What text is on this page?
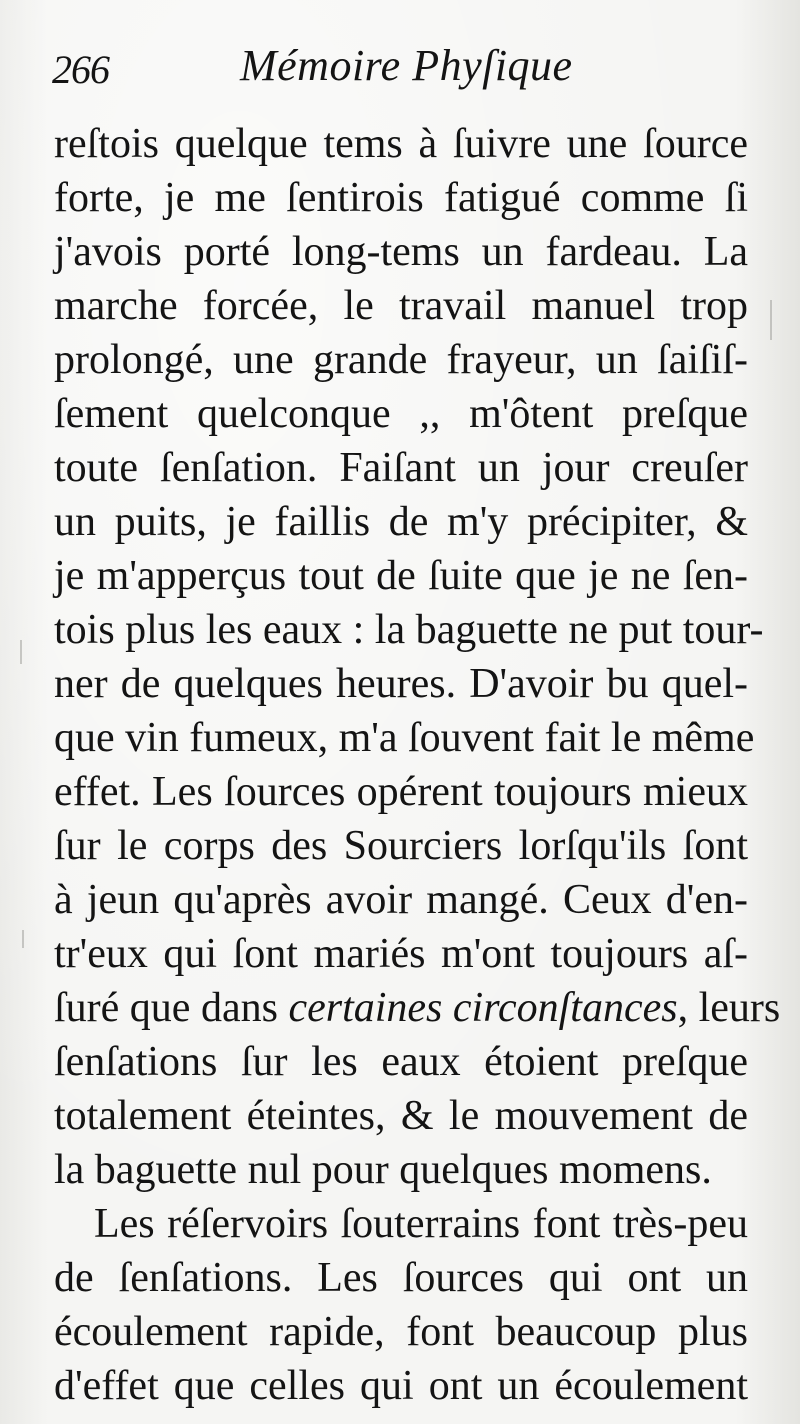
266	Mémoire Phyſique
reſtois quelque tems à ſuivre une ſource
forte, je me ſentirois fatigué comme ſi
j'avois porté long-tems un fardeau. La
marche forcée, le travail manuel trop
prolongé, une grande frayeur, un ſaiſiſ-
ſement quelconque ,, m'ôtent preſque
toute ſenſation. Faiſant un jour creuſer
un puits, je faillis de m'y précipiter, &
je m'apperçus tout de ſuite que je ne ſen-
tois plus les eaux : la baguette ne put tour-
ner de quelques heures. D'avoir bu quel-
que vin fumeux, m'a ſouvent fait le même
effet. Les ſources opérent toujours mieux
ſur le corps des Sourciers lorſqu'ils ſont
à jeun qu'après avoir mangé. Ceux d'en-
tr'eux qui ſont mariés m'ont toujours aſ-
ſuré que dans certaines circonſtances, leurs
ſenſations ſur les eaux étoient preſque
totalement éteintes, & le mouvement de
la baguette nul pour quelques momens.
Les réſervoirs ſouterrains font très-peu
de ſenſations. Les ſources qui ont un
écoulement rapide, font beaucoup plus
d'effet que celles qui ont un écoulement
